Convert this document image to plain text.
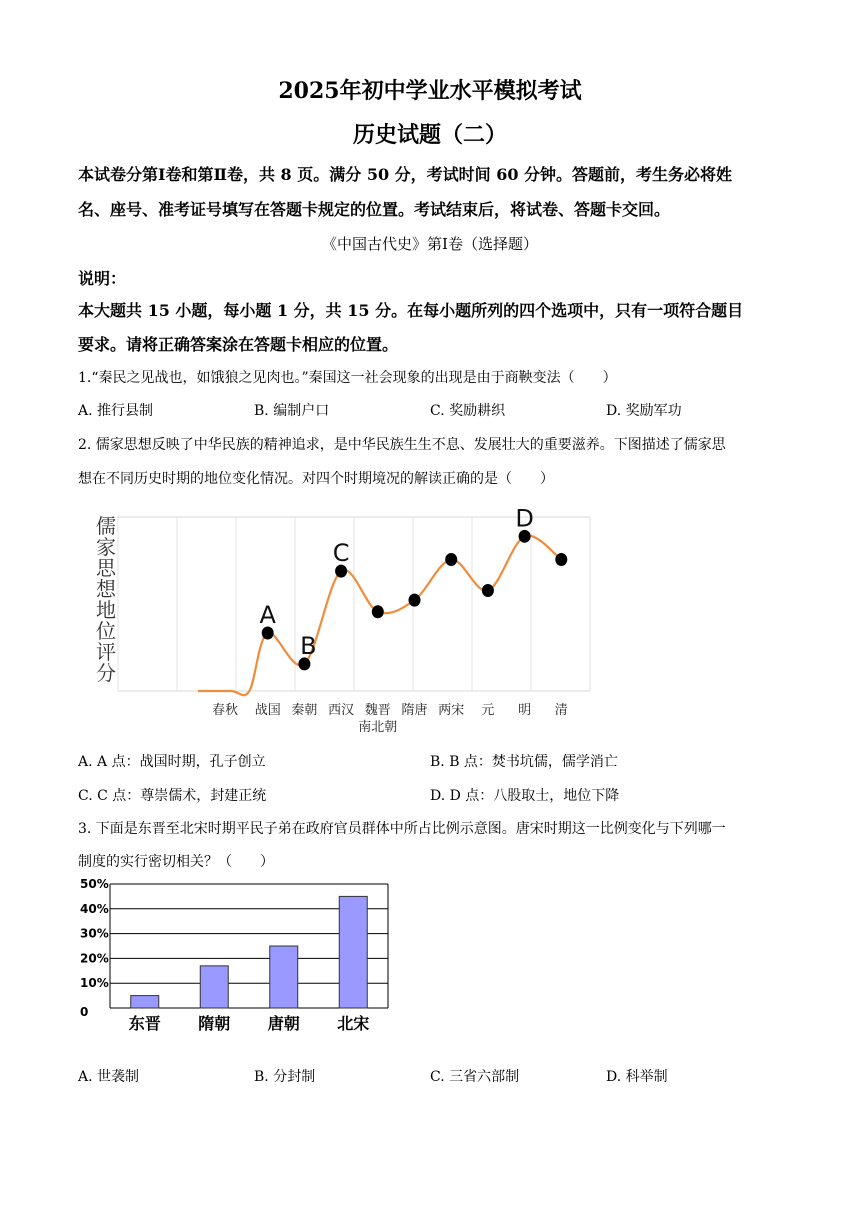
2025年初中学业水平模拟考试
历史试题（二）
本试卷分第Ⅰ卷和第Ⅱ卷，共 8 页。满分 50 分，考试时间 60 分钟。答题前，考生务必将姓
名、座号、准考证号填写在答题卡规定的位置。考试结束后，将试卷、答题卡交回。
《中国古代史》第Ⅰ卷（选择题）
说明：
本大题共 15 小题，每小题 1 分，共 15 分。在每小题所列的四个选项中，只有一项符合题目
要求。请将正确答案涂在答题卡相应的位置。
1.“秦民之见战也，如饿狼之见肉也。”秦国这一社会现象的出现是由于商鞅变法（　　）
A. 推行县制	B. 编制户口	C. 奖励耕织	D. 奖励军功
2. 儒家思想反映了中华民族的精神追求，是中华民族生生不息、发展壮大的重要滋养。下图描述了儒家思
想在不同历史时期的地位变化情况。对四个时期境况的解读正确的是（　　）
儒
家
思
想
地
位
评
分
A
B
C
D
春秋 战国 秦朝 西汉 魏晋
南北朝
隋唐 两宋 元 明 清
A. A 点：战国时期，孔子创立	B. B 点：焚书坑儒，儒学消亡
C. C 点：尊崇儒术，封建正统	D. D 点：八股取士，地位下降
3. 下面是东晋至北宋时期平民子弟在政府官员群体中所占比例示意图。唐宋时期这一比例变化与下列哪一
制度的实行密切相关？（　　）
0
10%
20%
30%
40%
50%
东晋 隋朝 唐朝 北宋
A. 世袭制	B. 分封制	C. 三省六部制	D. 科举制
